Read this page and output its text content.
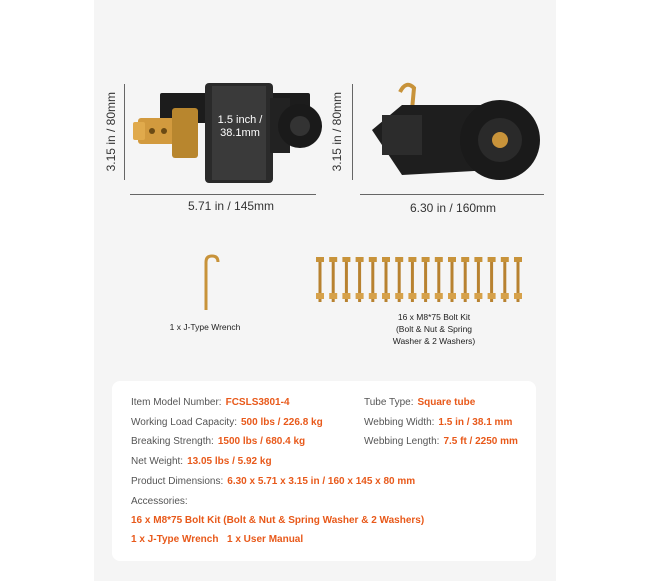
1.5 inch / 38.1mm
3.15 in / 80mm
5.71 in / 145mm
3.15 in / 80mm
6.30 in / 160mm
1 x J-Type Wrench
16 x M8*75 Bolt Kit
(Bolt & Nut & Spring
Washer & 2 Washers)
Item Model Number: FCSLS3801-4	Tube Type: Square tube
Working Load Capacity: 500 lbs / 226.8 kg	Webbing Width: 1.5 in / 38.1 mm
Breaking Strength: 1500 lbs / 680.4 kg	Webbing Length: 7.5 ft / 2250 mm
Net Weight: 13.05 lbs / 5.92 kg
Product Dimensions: 6.30 x 5.71 x 3.15 in / 160 x 145 x 80 mm
Accessories:
16 x M8*75 Bolt Kit (Bolt & Nut & Spring Washer & 2 Washers)
1 x J-Type Wrench 1 x User Manual
